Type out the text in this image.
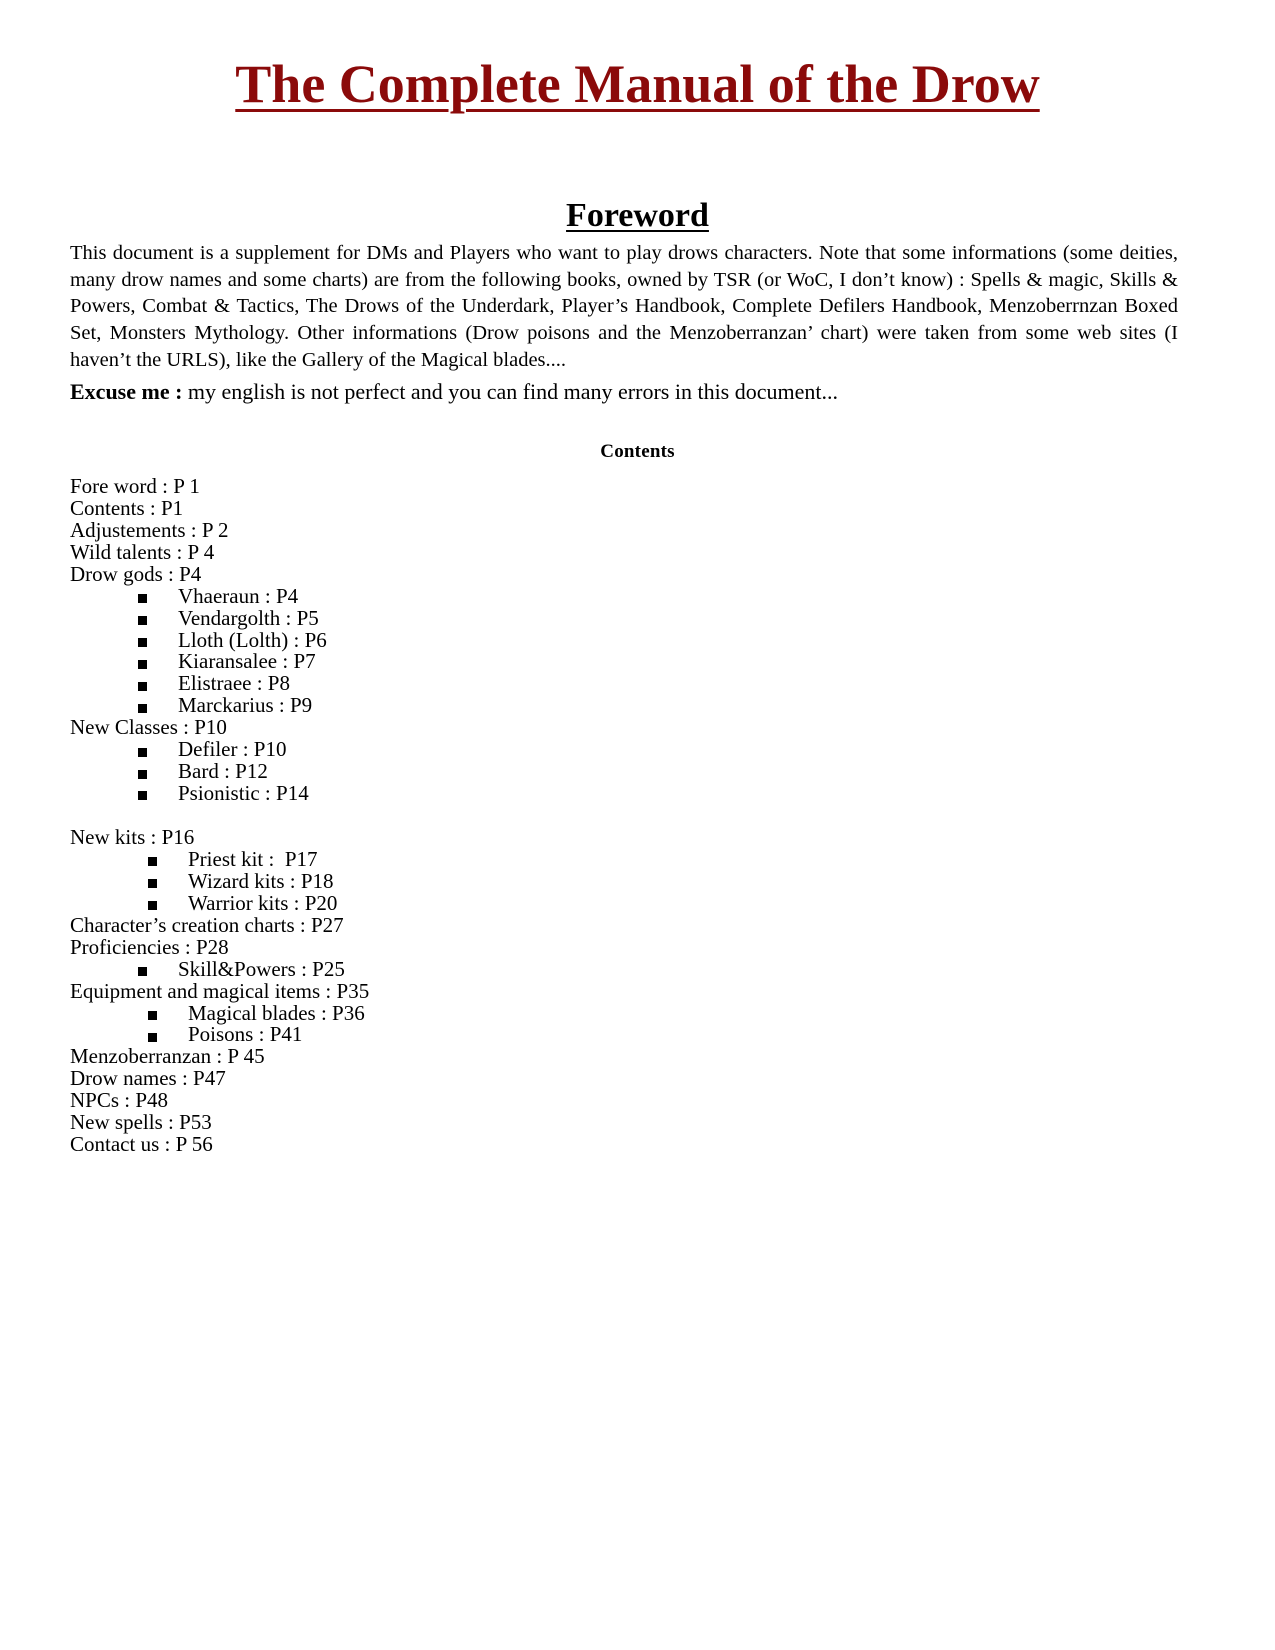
The Complete Manual of the Drow
Foreword

This document is a supplement for DMs and Players who want to play drows characters. Note that some informations (some deities, many drow names and some charts) are from the following books, owned by TSR (or WoC, I don’t know) : Spells & magic, Skills & Powers, Combat & Tactics, The Drows of the Underdark, Player’s Handbook, Complete Defilers Handbook, Menzoberrnzan Boxed Set, Monsters Mythology. Other informations (Drow poisons and the Menzoberranzan’ chart) were taken from some web sites (I haven’t the URLS), like the Gallery of the Magical blades....

Excuse me : my english is not perfect and you can find many errors in this document...

Contents
Fore word : P 1
Contents : P1
Adjustements : P 2
Wild talents : P 4
Drow gods : P4
Vhaeraun : P4
Vendargolth : P5
Lloth (Lolth) : P6
Kiaransalee : P7
Elistraee : P8
Marckarius : P9
New Classes : P10
Defiler : P10
Bard : P12
Psionistic : P14

New kits : P16
Priest kit :  P17
Wizard kits : P18
Warrior kits : P20
Character’s creation charts : P27
Proficiencies : P28
Skill&Powers : P25
Equipment and magical items : P35
Magical blades : P36
Poisons : P41
Menzoberranzan : P 45
Drow names : P47
NPCs : P48
New spells : P53
Contact us : P 56
